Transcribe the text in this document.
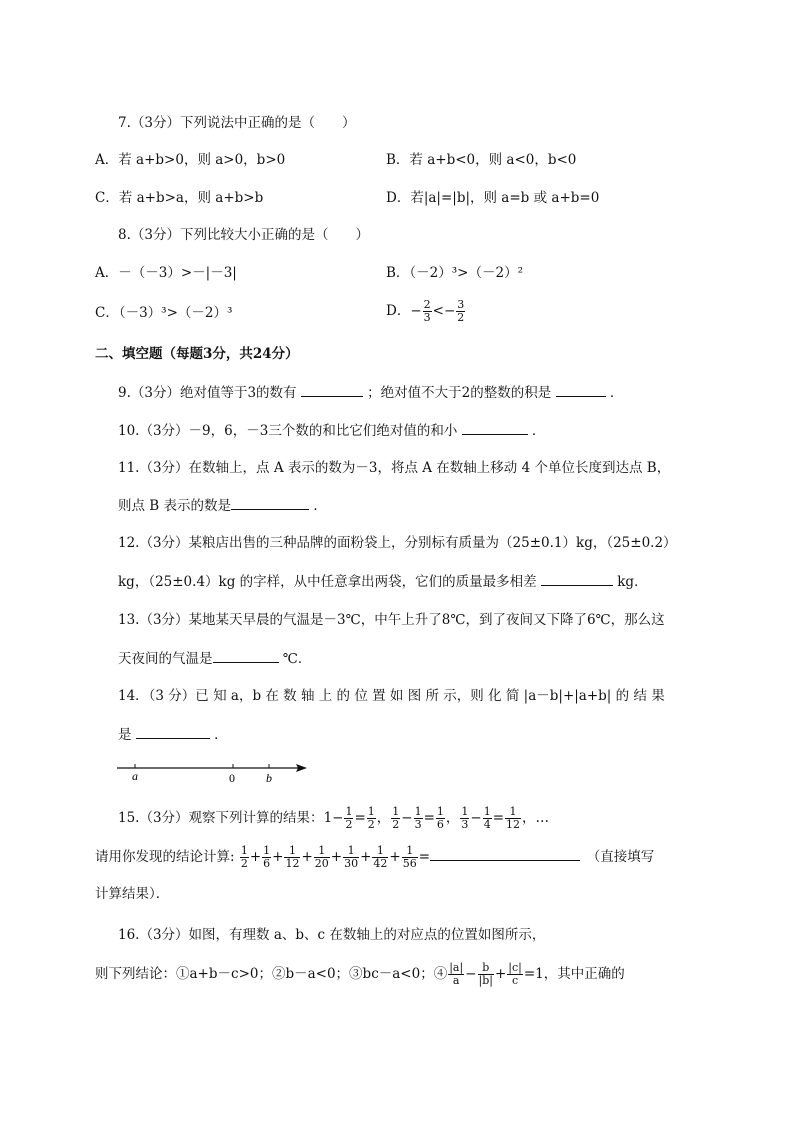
7.（3分）下列说法中正确的是（　　）
A．若 a+b>0，则 a>0，b>0	B．若 a+b<0，则 a<0，b<0
C．若 a+b>a，则 a+b>b	D．若|a|=|b|，则 a=b 或 a+b=0
8.（3分）下列比较大小正确的是（　　）
A．－（－3）>－|－3|	B．（－2）³>（－2）²
C．（－3）³>（－2）³	D．− $\frac{2}{3} <- \frac{3}{2}$
二、填空题（每题3分，共24分）
9.（3分）绝对值等于3的数有	；绝对值不大于2的整数的积是	．
10.（3分）－9，6，－3三个数的和比它们绝对值的和小	．
11.（3分）在数轴上，点 A 表示的数为－3，将点 A 在数轴上移动 4 个单位长度到达点 B，
则点 B 表示的数是	．
12.（3分）某粮店出售的三种品牌的面粉袋上，分别标有质量为（25±0.1）kg，（25±0.2）
kg，（25±0.4）kg 的字样，从中任意拿出两袋，它们的质量最多相差	kg．
13.（3分）某地某天早晨的气温是－3℃，中午上升了8℃，到了夜间又下降了6℃，那么这
天夜间的气温是	℃．
14．（3 分）已 知 a，b 在 数 轴 上 的 位 置 如 图 所 示，则 化 简 |a－b|+|a+b| 的 结 果
是	．
a	0	b
15.（3分）观察下列计算的结果：$1- \frac{1}{2} = \frac{1}{2}$ ， $\frac{1}{2} - \frac{1}{3} = \frac{1}{6}$ ， $\frac{1}{3} - \frac{1}{4} = \frac{1}{12}$ ，…
请用你发现的结论计算: $\frac{1}{2} + \frac{1}{6} + \frac{1}{12} + \frac{1}{20} + \frac{1}{30} + \frac{1}{42} + \frac{1}{56}$ =　	（直接填写
计算结果）．
16.（3分）如图，有理数 a、b、c 在数轴上的对应点的位置如图所示，
则下列结论：①a+b－c>0；②b－a<0；③bc－a<0；④ $\frac{|a|}{a} - \frac{b}{|b|} + \frac{|c|}{c} =1$，其中正确的
